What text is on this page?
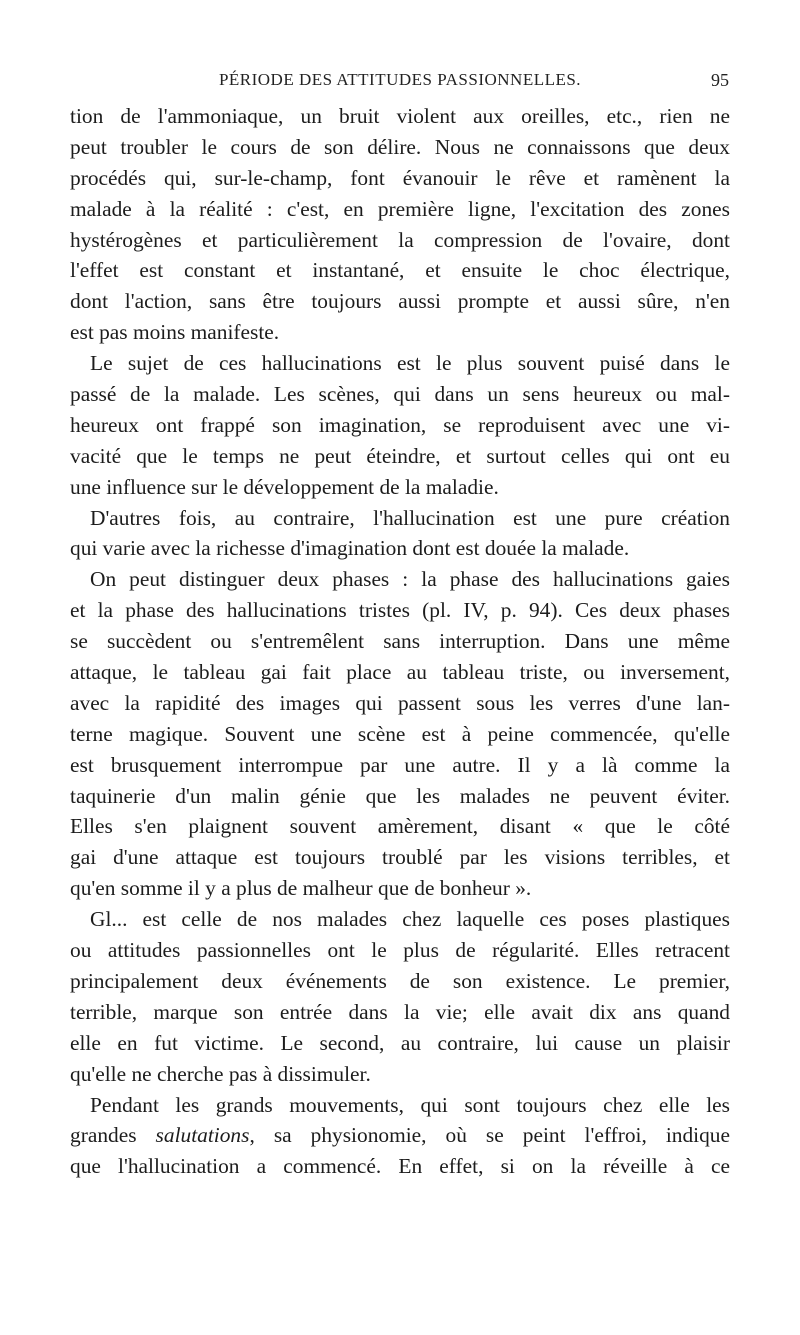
PÉRIODE DES ATTITUDES PASSIONNELLES.	95
tion de l'ammoniaque, un bruit violent aux oreilles, etc., rien ne
peut troubler le cours de son délire. Nous ne connaissons que deux
procédés qui, sur-le-champ, font évanouir le rêve et ramènent la
malade à la réalité : c'est, en première ligne, l'excitation des zones
hystérogènes et particulièrement la compression de l'ovaire, dont
l'effet est constant et instantané, et ensuite le choc électrique,
dont l'action, sans être toujours aussi prompte et aussi sûre, n'en
est pas moins manifeste.
Le sujet de ces hallucinations est le plus souvent puisé dans le
passé de la malade. Les scènes, qui dans un sens heureux ou mal-
heureux ont frappé son imagination, se reproduisent avec une vi-
vacité que le temps ne peut éteindre, et surtout celles qui ont eu
une influence sur le développement de la maladie.
D'autres fois, au contraire, l'hallucination est une pure création
qui varie avec la richesse d'imagination dont est douée la malade.
On peut distinguer deux phases : la phase des hallucinations gaies
et la phase des hallucinations tristes (pl. IV, p. 94). Ces deux phases
se succèdent ou s'entremêlent sans interruption. Dans une même
attaque, le tableau gai fait place au tableau triste, ou inversement,
avec la rapidité des images qui passent sous les verres d'une lan-
terne magique. Souvent une scène est à peine commencée, qu'elle
est brusquement interrompue par une autre. Il y a là comme la
taquinerie d'un malin génie que les malades ne peuvent éviter.
Elles s'en plaignent souvent amèrement, disant « que le côté
gai d'une attaque est toujours troublé par les visions terribles, et
qu'en somme il y a plus de malheur que de bonheur ».
Gl... est celle de nos malades chez laquelle ces poses plastiques
ou attitudes passionnelles ont le plus de régularité. Elles retracent
principalement deux événements de son existence. Le premier,
terrible, marque son entrée dans la vie; elle avait dix ans quand
elle en fut victime. Le second, au contraire, lui cause un plaisir
qu'elle ne cherche pas à dissimuler.
Pendant les grands mouvements, qui sont toujours chez elle les
grandes salutations, sa physionomie, où se peint l'effroi, indique
que l'hallucination a commencé. En effet, si on la réveille à ce
